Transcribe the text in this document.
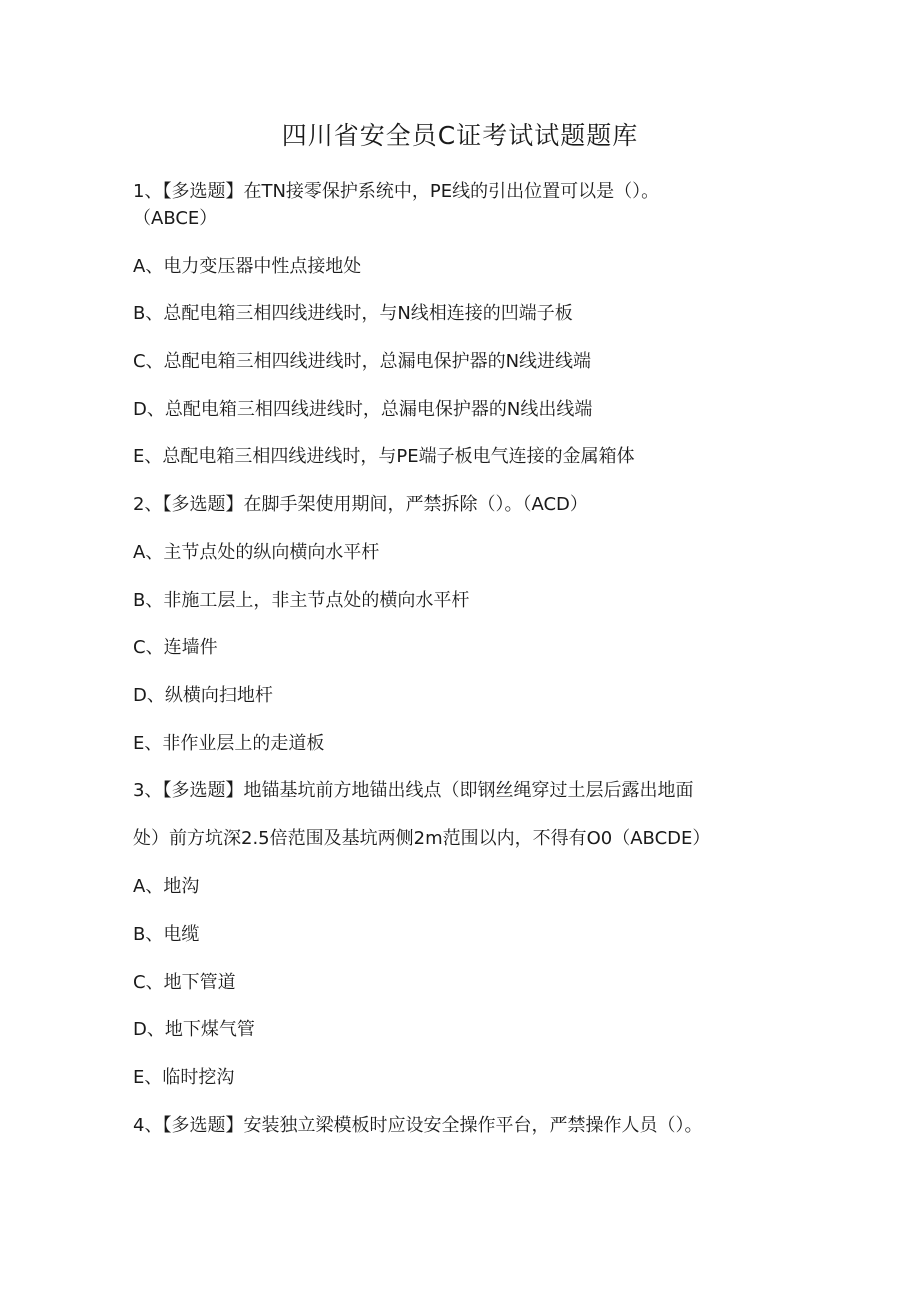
四川省安全员C证考试试题题库
1、【多选题】在TN接零保护系统中，PE线的引出位置可以是（）。
（ABCE）
A、电力变压器中性点接地处
B、总配电箱三相四线进线时，与N线相连接的凹端子板
C、总配电箱三相四线进线时，总漏电保护器的N线进线端
D、总配电箱三相四线进线时，总漏电保护器的N线出线端
E、总配电箱三相四线进线时，与PE端子板电气连接的金属箱体
2、【多选题】在脚手架使用期间，严禁拆除（）。（ACD）
A、主节点处的纵向横向水平杆
B、非施工层上，非主节点处的横向水平杆
C、连墙件
D、纵横向扫地杆
E、非作业层上的走道板
3、【多选题】地锚基坑前方地锚出线点（即钢丝绳穿过土层后露出地面
处）前方坑深2.5倍范围及基坑两侧2m范围以内，不得有O0（ABCDE）
A、地沟
B、电缆
C、地下管道
D、地下煤气管
E、临时挖沟
4、【多选题】安装独立梁模板时应设安全操作平台，严禁操作人员（）。
